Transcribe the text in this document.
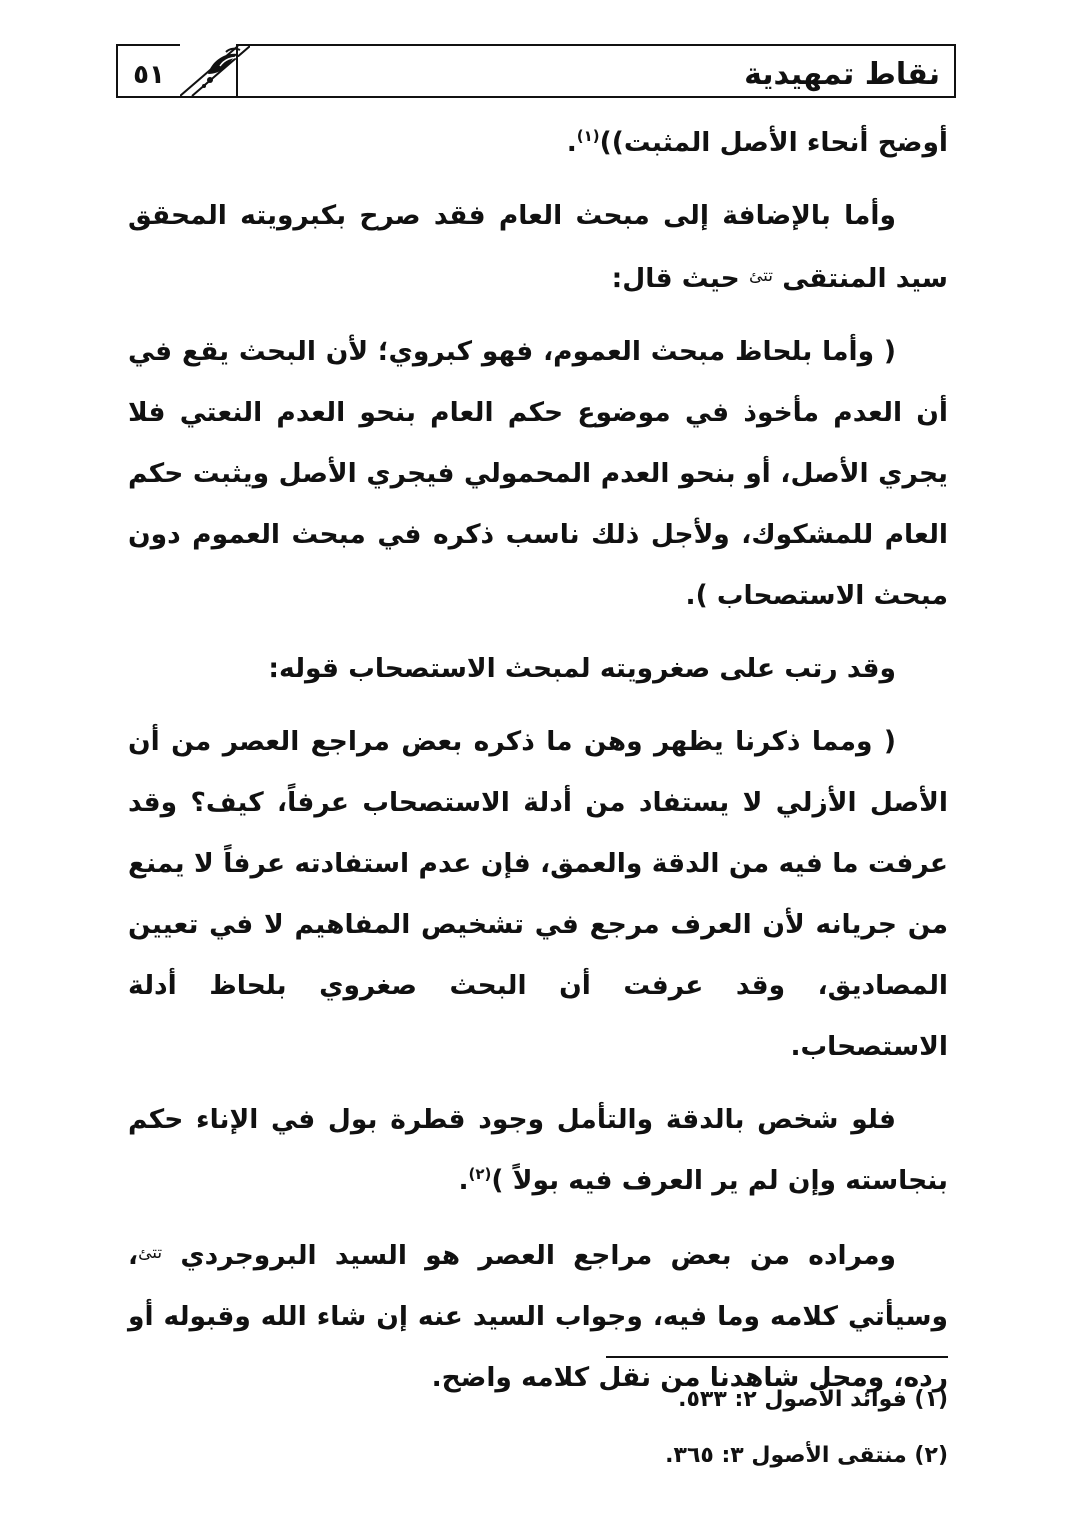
٥١	نقاط تمهيدية

أوضح أنحاء الأصل المثبت))$^{(١)}$.

وأما بالإضافة إلى مبحث العام فقد صرح بكبرويته المحقق سيد المنتقى $^{تتئ}$ حيث قال:

( وأما بلحاظ مبحث العموم، فهو كبروي؛ لأن البحث يقع في أن العدم مأخوذ في موضوع حكم العام بنحو العدم النعتي فلا يجري الأصل، أو بنحو العدم المحمولي فيجري الأصل ويثبت حكم العام للمشكوك، ولأجل ذلك ناسب ذكره في مبحث العموم دون مبحث الاستصحاب ).

وقد رتب على صغرويته لمبحث الاستصحاب قوله:

( ومما ذكرنا يظهر وهن ما ذكره بعض مراجع العصر من أن الأصل الأزلي لا يستفاد من أدلة الاستصحاب عرفاً، كيف؟ وقد عرفت ما فيه من الدقة والعمق، فإن عدم استفادته عرفاً لا يمنع من جريانه لأن العرف مرجع في تشخيص المفاهيم لا في تعيين المصاديق، وقد عرفت أن البحث صغروي بلحاظ أدلة الاستصحاب.

فلو شخص بالدقة والتأمل وجود قطرة بول في الإناء حكم بنجاسته وإن لم ير العرف فيه بولاً )$^{(٢)}$.

ومراده من بعض مراجع العصر هو السيد البروجردي $^{تتئ}$، وسيأتي كلامه وما فيه، وجواب السيد عنه إن شاء الله وقبوله أو رده، ومحل شاهدنا من نقل كلامه واضح.

(١) فوائد الأصول ٢: ٥٣٣.

(٢) منتقى الأصول ٣: ٣٦٥.
